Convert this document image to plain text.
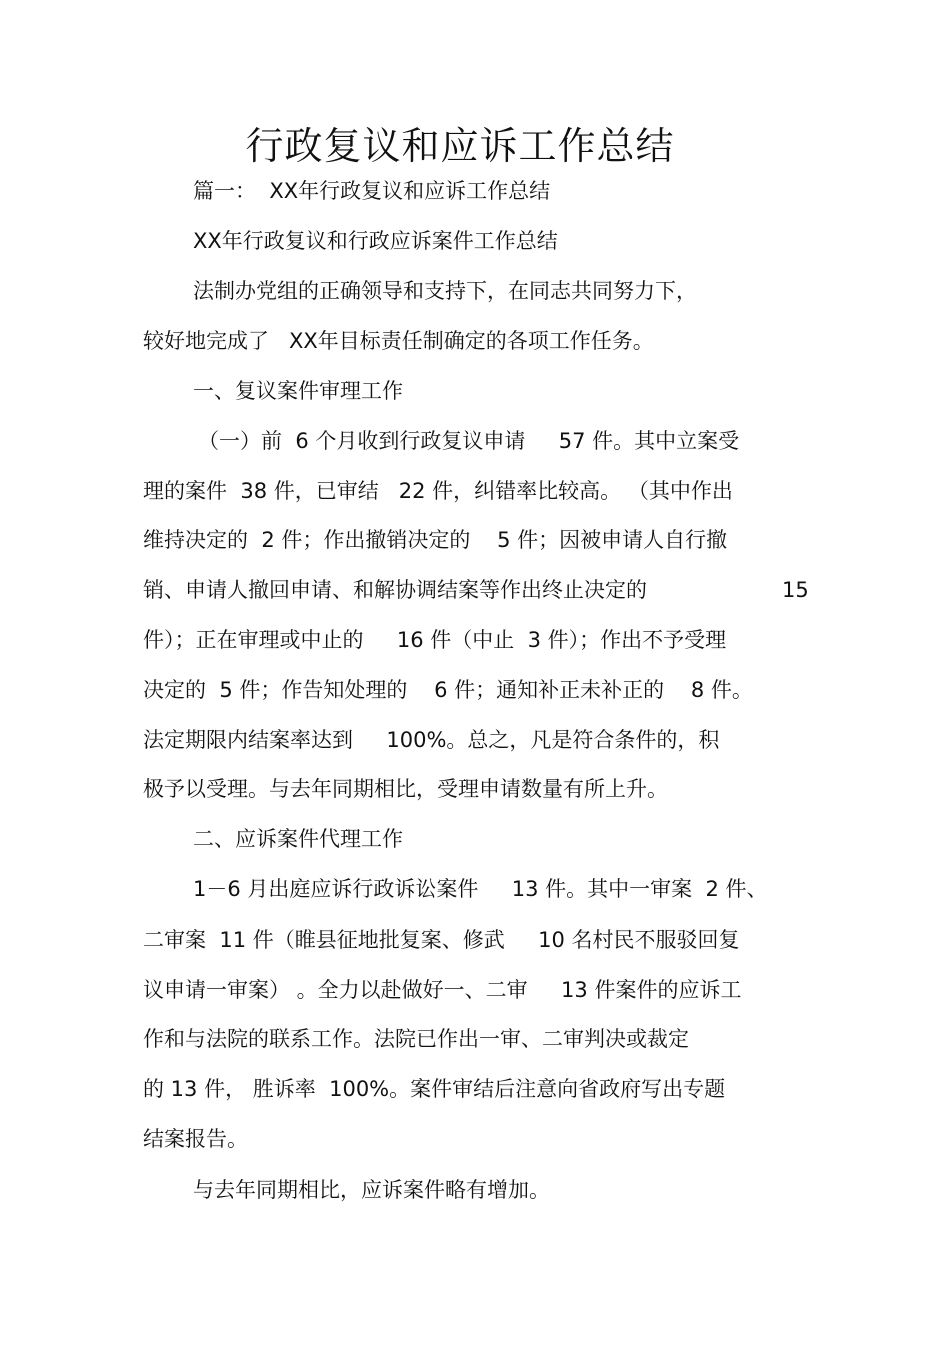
行政复议和应诉工作总结
篇一：  XX年行政复议和应诉工作总结
XX年行政复议和行政应诉案件工作总结
法制办党组的正确领导和支持下，在同志共同努力下，
较好地完成了   XX年目标责任制确定的各项工作任务。
一、复议案件审理工作
（一）前  6 个月收到行政复议申请     57 件。其中立案受
理的案件  38 件，已审结   22 件，纠错率比较高。 （其中作出
维持决定的  2 件；作出撤销决定的    5 件；因被申请人自行撤
销、申请人撤回申请、和解协调结案等作出终止决定的	15
件）；正在审理或中止的     16 件（中止  3 件）；作出不予受理
决定的  5 件；作告知处理的    6 件；通知补正未补正的    8 件。
法定期限内结案率达到     100%。总之，凡是符合条件的，积
极予以受理。与去年同期相比，受理申请数量有所上升。
二、应诉案件代理工作
1－6 月出庭应诉行政诉讼案件     13 件。其中一审案  2 件、
二审案  11 件（睢县征地批复案、修武     10 名村民不服驳回复
议申请一审案） 。全力以赴做好一、二审     13 件案件的应诉工
作和与法院的联系工作。法院已作出一审、二审判决或裁定
的 13 件， 胜诉率  100%。案件审结后注意向省政府写出专题
结案报告。
与去年同期相比，应诉案件略有增加。
